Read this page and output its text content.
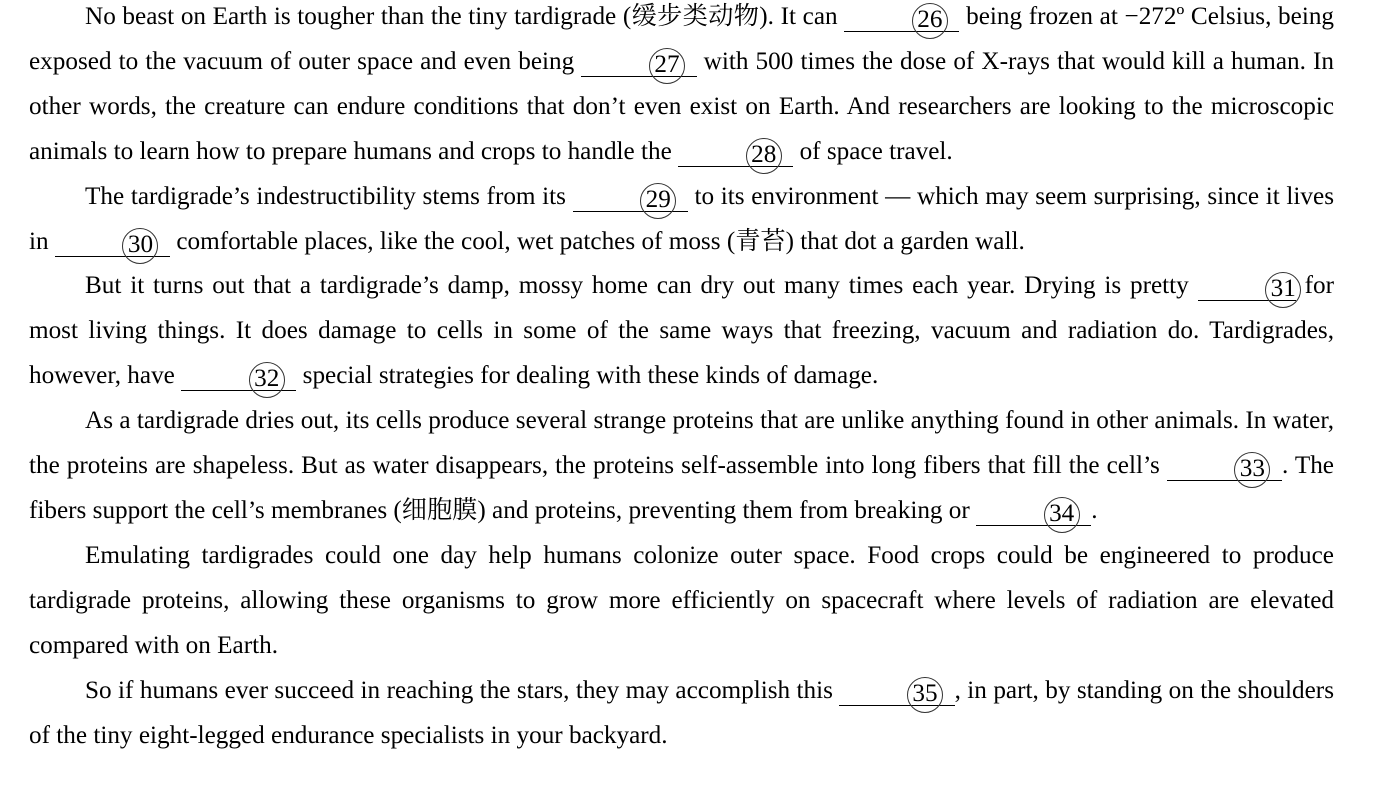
No beast on Earth is tougher than the tiny tardigrade (缓步类动物). It can	26 being frozen at −272º Celsius, being exposed to the vacuum of outer space and even being	27 with 500 times the dose of X-rays that would kill a human. In other words, the creature can endure conditions that don’t even exist on Earth. And researchers are looking to the microscopic animals to learn how to prepare humans and crops to handle the	28 of space travel.

The tardigrade’s indestructibility stems from its	29 to its environment — which may seem surprising, since it lives in	30 comfortable places, like the cool, wet patches of moss (青苔) that dot a garden wall.

But it turns out that a tardigrade’s damp, mossy home can dry out many times each year. Drying is pretty	31 for most living things. It does damage to cells in some of the same ways that freezing, vacuum and radiation do. Tardigrades, however, have	32 special strategies for dealing with these kinds of damage.

As a tardigrade dries out, its cells produce several strange proteins that are unlike anything found in other animals. In water, the proteins are shapeless. But as water disappears, the proteins self-assemble into long fibers that fill the cell’s	33 . The fibers support the cell’s membranes (细胞膜) and proteins, preventing them from breaking or	34 .

Emulating tardigrades could one day help humans colonize outer space. Food crops could be engineered to produce tardigrade proteins, allowing these organisms to grow more efficiently on spacecraft where levels of radiation are elevated compared with on Earth.

So if humans ever succeed in reaching the stars, they may accomplish this	35 , in part, by standing on the shoulders of the tiny eight-legged endurance specialists in your backyard.
